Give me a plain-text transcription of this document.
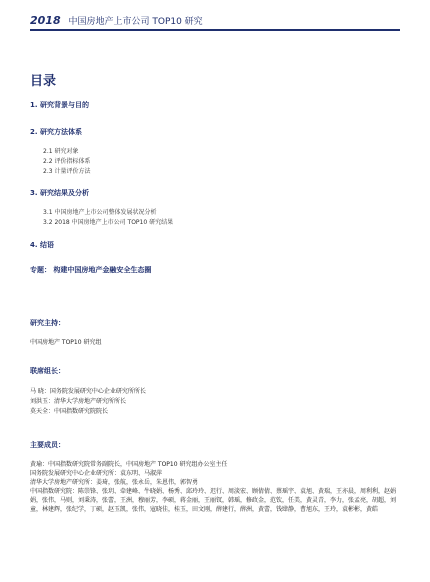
2018 中国房地产上市公司 TOP10 研究
目录
1. 研究背景与目的
2. 研究方法体系
2.1 研究对象
2.2 评价指标体系
2.3 计量评价方法
3. 研究结果及分析
3.1 中国房地产上市公司整体发展状况分析
3.2 2018 中国房地产上市公司 TOP10 研究结果
4. 结语
专题： 构建中国房地产金融安全生态圈
研究主持：
中国房地产 TOP10 研究组
联席组长：
马 晓：国务院发展研究中心企业研究所所长
刘洪玉：清华大学房地产研究所所长
莫天全：中国指数研究院院长
主要成员：
黄瑜：中国指数研究院常务副院长，中国房地产 TOP10 研究组办公室主任
国务院发展研究中心企业研究所：袁东明、马淑萍
清华大学房地产研究所：姜琦，张航，张永岳，朱恩伟，郭智勇
中国指数研究院：陈崇锋、张玥、牵建峰、牛晓娟、杨秀、邱玲玲、迟行、周淡宏、顾倩倩、蔡瑶宇、袁旭、黄瑞，王亦晨，周利利，赵娟娟，张伟，马则，刘秉涛，张蕾，王洲，穆丽芳，李硕，蒋金丽，王丽钗，韩瑶，修政金，范钦，任美，黄灵青，李力，张孟亮，胡超，刘童，林建辉，张纪学，丁硕，赵玉凯，张伟，寇晓佳，桂玉，田文刚，薛建行，薛洲，黄蕾，钱肆静，曹旭东，王玲，袁彬彬，黄皓
